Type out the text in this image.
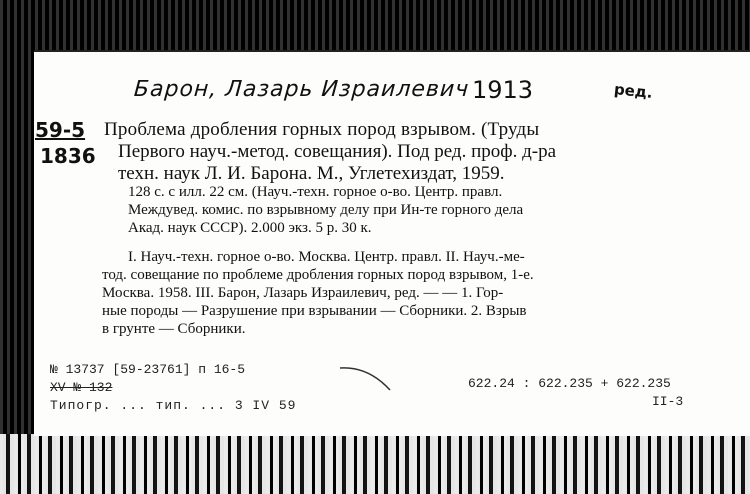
Барон, Лазарь Израилевич 1913	ред.
59-5
1836
Проблема дробления горных пород взрывом. (Труды
Первого науч.-метод. совещания). Под ред. проф. д-ра
техн. наук Л. И. Барона. М., Углетехиздат, 1959.
128 с. с илл. 22 см. (Науч.-техн. горное о-во. Центр. правл.
Междувед. комис. по взрывному делу при Ин-те горного дела
Акад. наук СССР). 2.000 экз. 5 р. 30 к.
I. Науч.-техн. горное о-во. Москва. Центр. правл. II. Науч.-ме-
тод. совещание по проблеме дробления горных пород взрывом, 1-е.
Москва. 1958. III. Барон, Лазарь Израилевич, ред. — — 1. Гор-
ные породы — Разрушение при взрывании — Сборники. 2. Взрыв
в грунте — Сборники.
№ 13737 [59-23761] п 16-5
XV № 132
Типогр. ... тип. ... 3 IV 59
622.24 : 622.235 + 622.235
II-3
